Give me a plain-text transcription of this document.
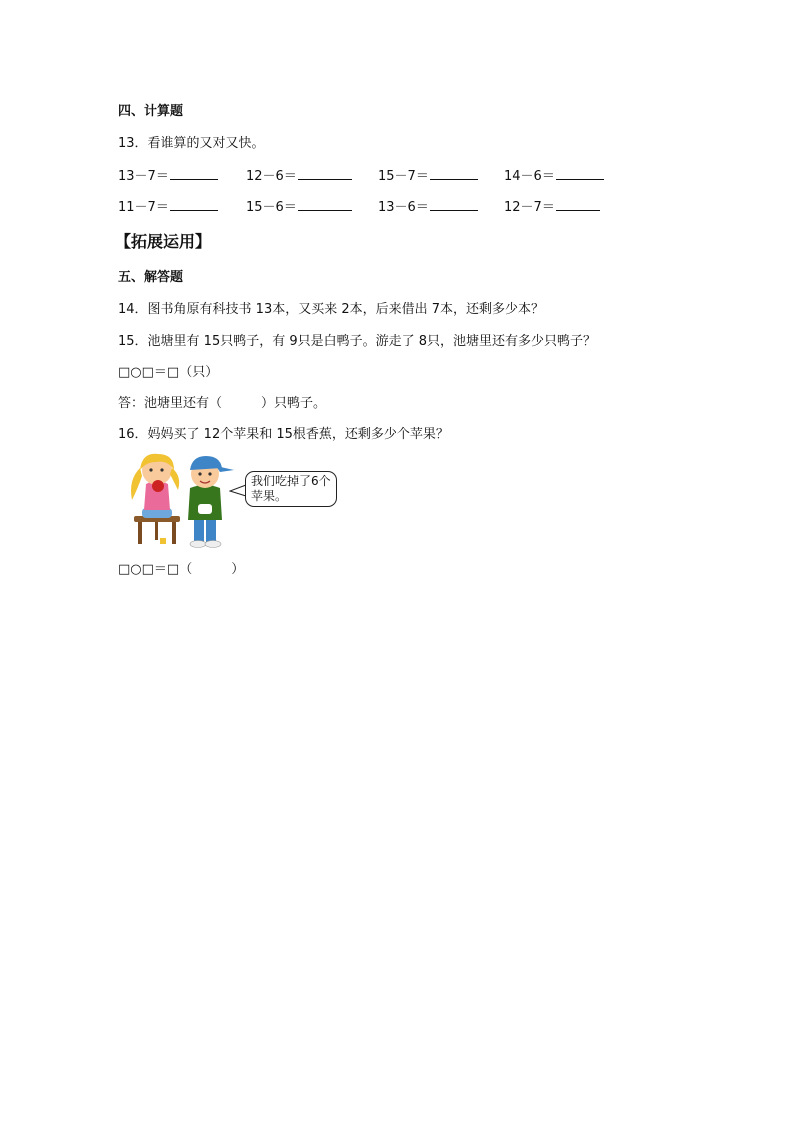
四、计算题
13．看谁算的又对又快。
13－7＝	12－6＝	15－7＝	14－6＝
11－7＝	15－6＝	13－6＝	12－7＝
【拓展运用】
五、解答题
14．图书角原有科技书 13本，又买来 2本，后来借出 7本，还剩多少本？
15．池塘里有 15只鸭子，有 9只是白鸭子。游走了 8只，池塘里还有多少只鸭子？
□○□＝□（只）
答：池塘里还有（　　　）只鸭子。
16．妈妈买了 12个苹果和 15根香蕉，还剩多少个苹果？
我们吃掉了6个
苹果。
□○□＝□（　　　）
